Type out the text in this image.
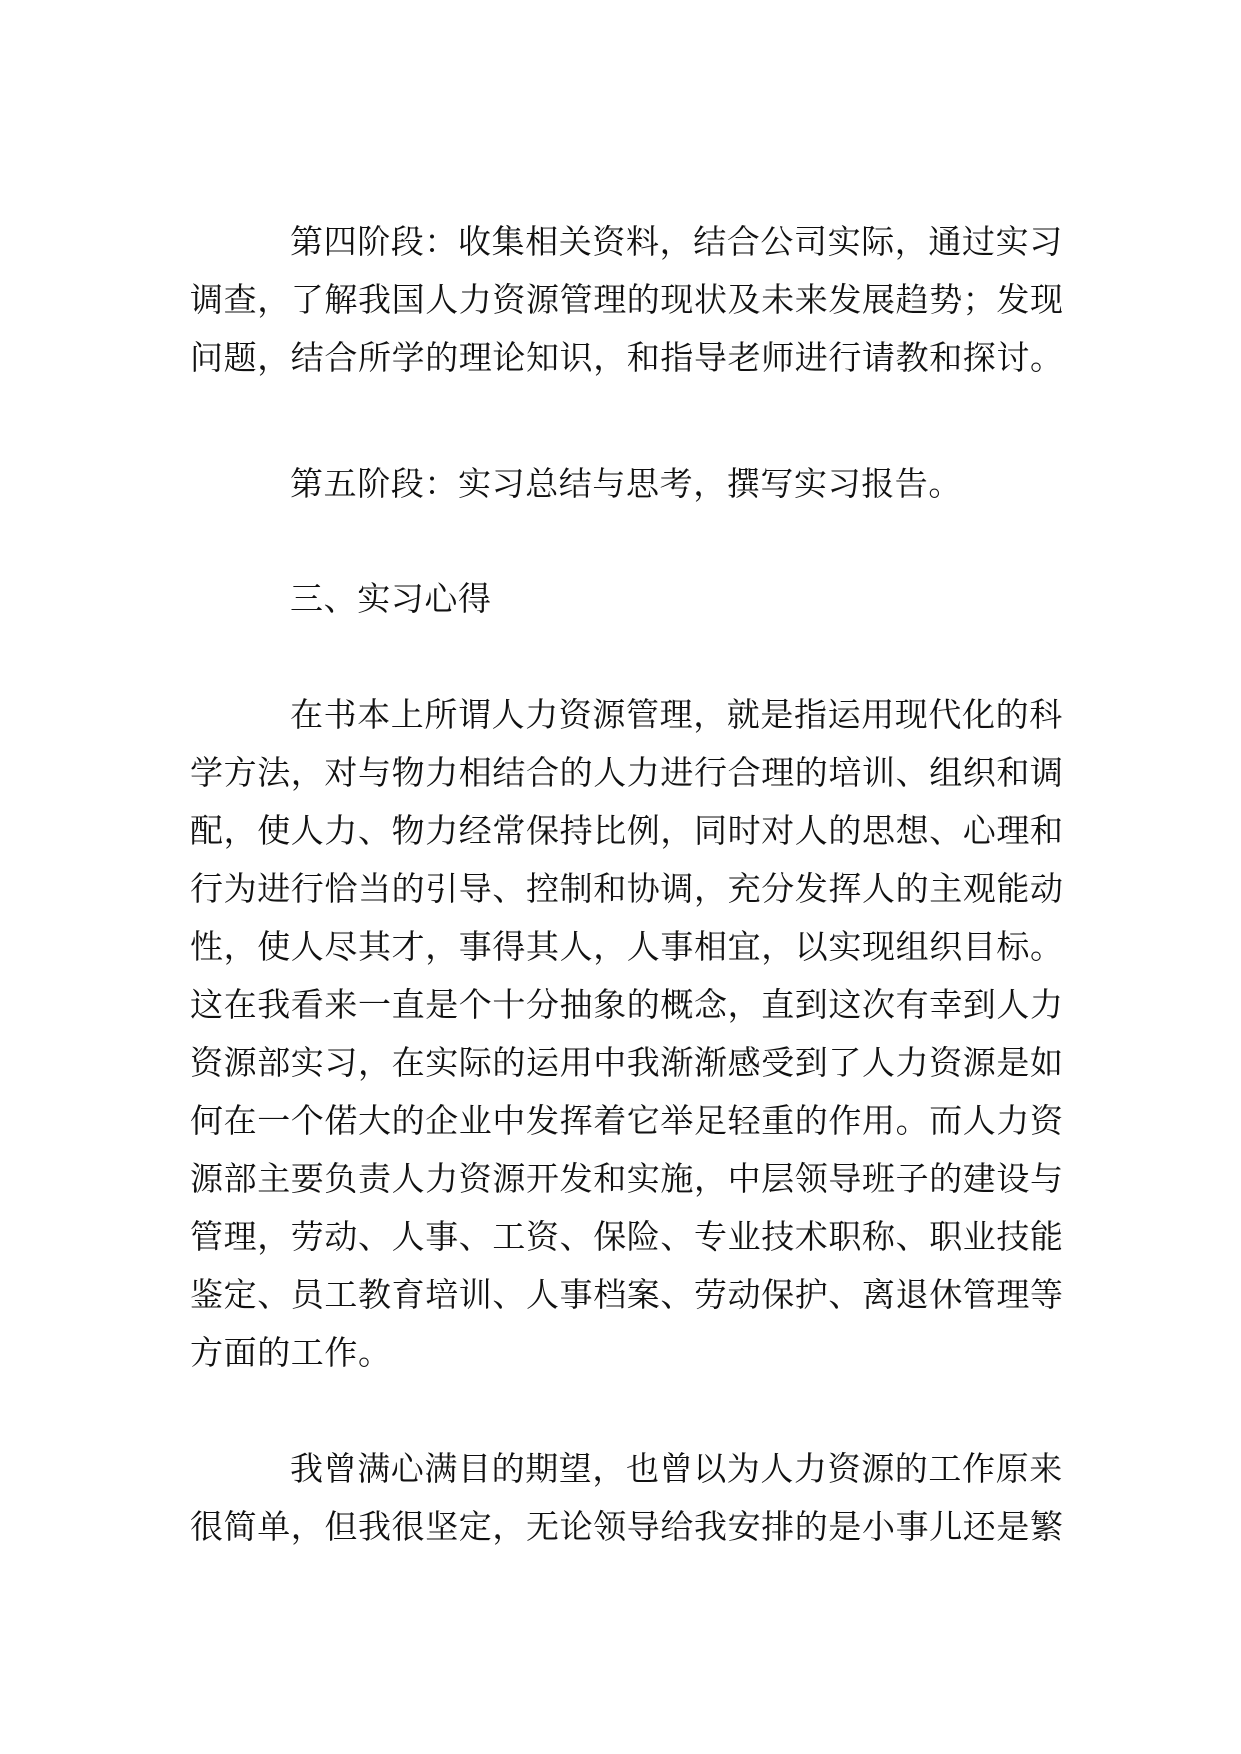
第四阶段：收集相关资料，结合公司实际，通过实习
调查，了解我国人力资源管理的现状及未来发展趋势；发现
问题，结合所学的理论知识，和指导老师进行请教和探讨。
第五阶段：实习总结与思考，撰写实习报告。
三、实习心得
在书本上所谓人力资源管理，就是指运用现代化的科
学方法，对与物力相结合的人力进行合理的培训、组织和调
配，使人力、物力经常保持比例，同时对人的思想、心理和
行为进行恰当的引导、控制和协调，充分发挥人的主观能动
性，使人尽其才，事得其人，人事相宜，以实现组织目标。
这在我看来一直是个十分抽象的概念，直到这次有幸到人力
资源部实习，在实际的运用中我渐渐感受到了人力资源是如
何在一个偌大的企业中发挥着它举足轻重的作用。而人力资
源部主要负责人力资源开发和实施，中层领导班子的建设与
管理，劳动、人事、工资、保险、专业技术职称、职业技能
鉴定、员工教育培训、人事档案、劳动保护、离退休管理等
方面的工作。
我曾满心满目的期望，也曾以为人力资源的工作原来
很简单，但我很坚定，无论领导给我安排的是小事儿还是繁
